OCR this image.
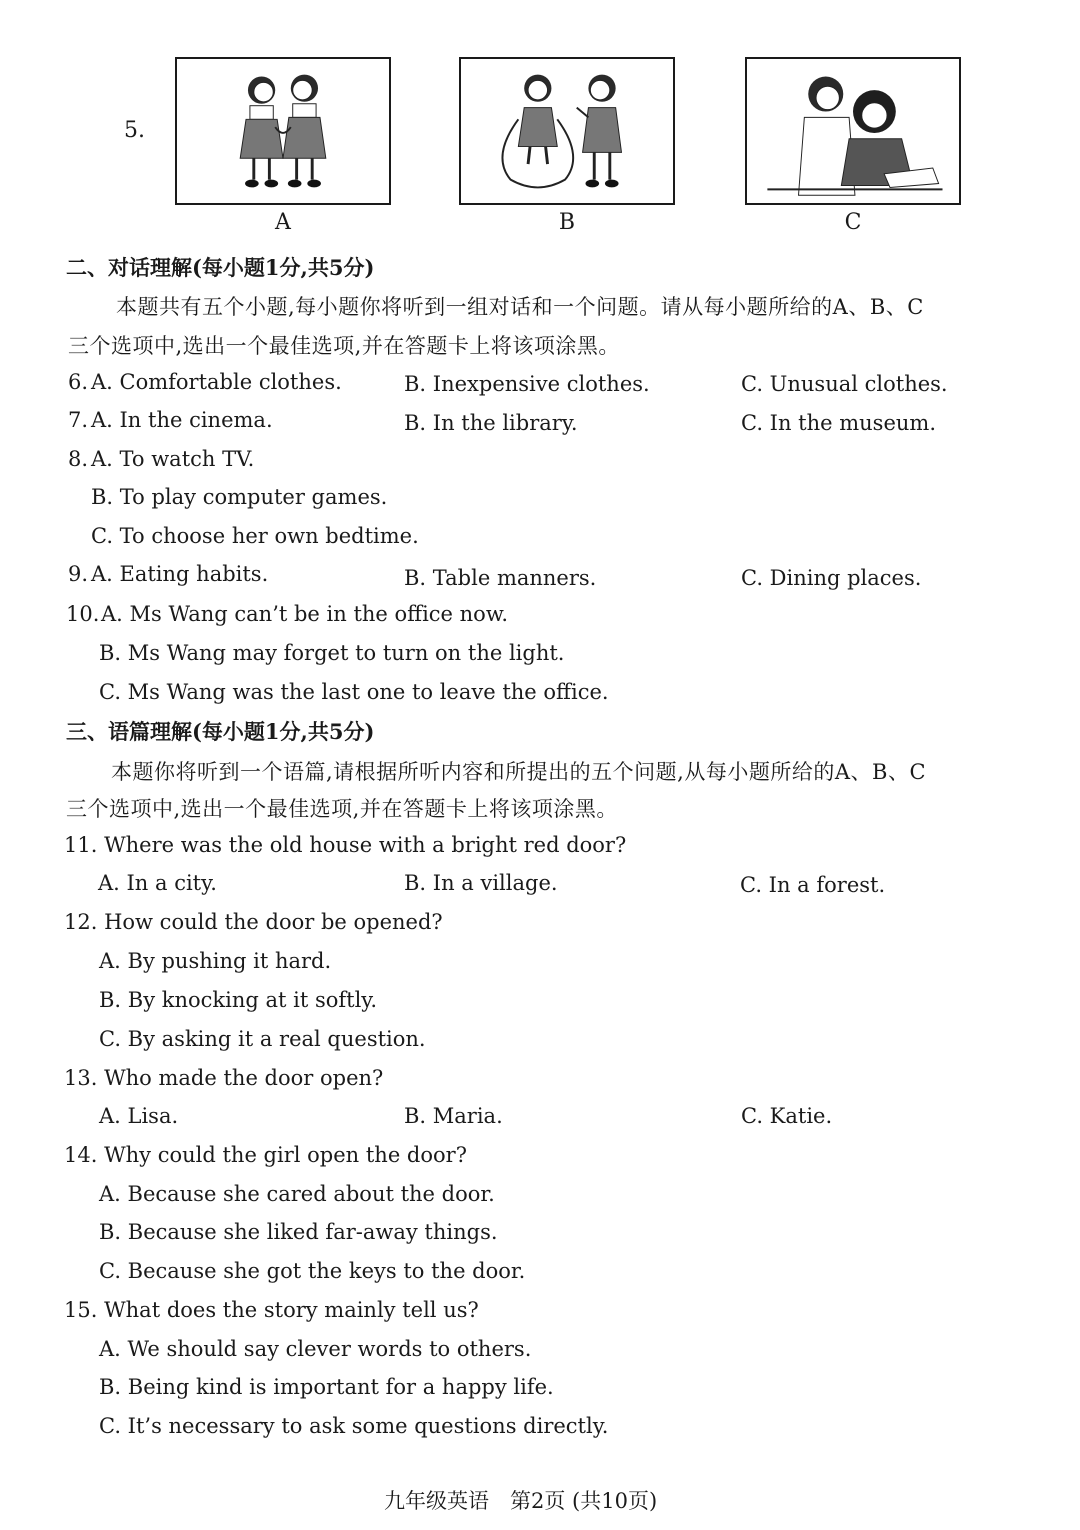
5.
A	B	C
二、对话理解(每小题1分,共5分)
本题共有五个小题,每小题你将听到一组对话和一个问题。请从每小题所给的A、B、C
三个选项中,选出一个最佳选项,并在答题卡上将该项涂黑。
6. A. Comfortable clothes.	B. Inexpensive clothes.	C. Unusual clothes.
7. A. In the cinema.	B. In the library.	C. In the museum.
8. A. To watch TV.
B. To play computer games.
C. To choose her own bedtime.
9. A. Eating habits.	B. Table manners.	C. Dining places.
10. A. Ms Wang can’t be in the office now.
B. Ms Wang may forget to turn on the light.
C. Ms Wang was the last one to leave the office.
三、语篇理解(每小题1分,共5分)
本题你将听到一个语篇,请根据所听内容和所提出的五个问题,从每小题所给的A、B、C
三个选项中,选出一个最佳选项,并在答题卡上将该项涂黑。
11. Where was the old house with a bright red door?
A. In a city.	B. In a village.	C. In a forest.
12. How could the door be opened?
A. By pushing it hard.
B. By knocking at it softly.
C. By asking it a real question.
13. Who made the door open?
A. Lisa.	B. Maria.	C. Katie.
14. Why could the girl open the door?
A. Because she cared about the door.
B. Because she liked far-away things.
C. Because she got the keys to the door.
15. What does the story mainly tell us?
A. We should say clever words to others.
B. Being kind is important for a happy life.
C. It’s necessary to ask some questions directly.
九年级英语　第2页 (共10页)
